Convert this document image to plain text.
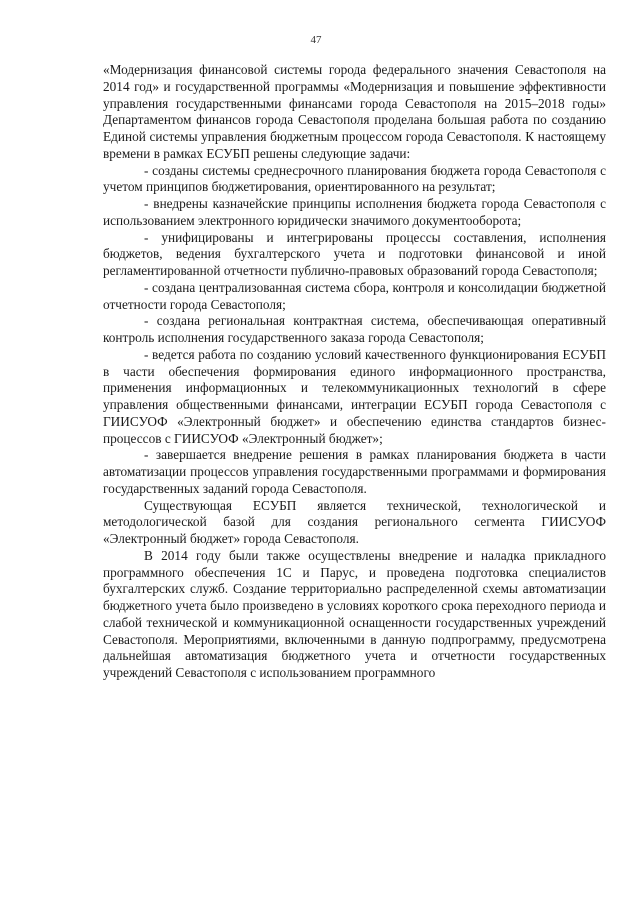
47

«Модернизация финансовой системы города федерального значения Севастополя на 2014 год» и государственной программы «Модернизация и повышение эффективности управления государственными финансами города Севастополя на 2015–2018 годы» Департаментом финансов города Севастополя проделана большая работа по созданию Единой системы управления бюджетным процессом города Севастополя. К настоящему времени в рамках ЕСУБП решены следующие задачи:

- созданы системы среднесрочного планирования бюджета города Севастополя с учетом принципов бюджетирования, ориентированного на результат;

- внедрены казначейские принципы исполнения бюджета города Севастополя с использованием электронного юридически значимого документооборота;

- унифицированы и интегрированы процессы составления, исполнения бюджетов, ведения бухгалтерского учета и подготовки финансовой и иной регламентированной отчетности публично-правовых образований города Севастополя;

- создана централизованная система сбора, контроля и консолидации бюджетной отчетности города Севастополя;

- создана региональная контрактная система, обеспечивающая оперативный контроль исполнения государственного заказа города Севастополя;

- ведется работа по созданию условий качественного функционирования ЕСУБП в части обеспечения формирования единого информационного пространства, применения информационных и телекоммуникационных технологий в сфере управления общественными финансами, интеграции ЕСУБП города Севастополя с ГИИСУОФ «Электронный бюджет» и обеспечению единства стандартов бизнес-процессов с ГИИСУОФ «Электронный бюджет»;

- завершается внедрение решения в рамках планирования бюджета в части автоматизации процессов управления государственными программами и формирования государственных заданий города Севастополя.

Существующая ЕСУБП является технической, технологической и методологической базой для создания регионального сегмента ГИИСУОФ «Электронный бюджет» города Севастополя.

В 2014 году были также осуществлены внедрение и наладка прикладного программного обеспечения 1С и Парус, и проведена подготовка специалистов бухгалтерских служб. Создание территориально распределенной схемы автоматизации бюджетного учета было произведено в условиях короткого срока переходного периода и слабой технической и коммуникационной оснащенности государственных учреждений Севастополя. Мероприятиями, включенными в данную подпрограмму, предусмотрена дальнейшая автоматизация бюджетного учета и отчетности государственных учреждений Севастополя с использованием программного
